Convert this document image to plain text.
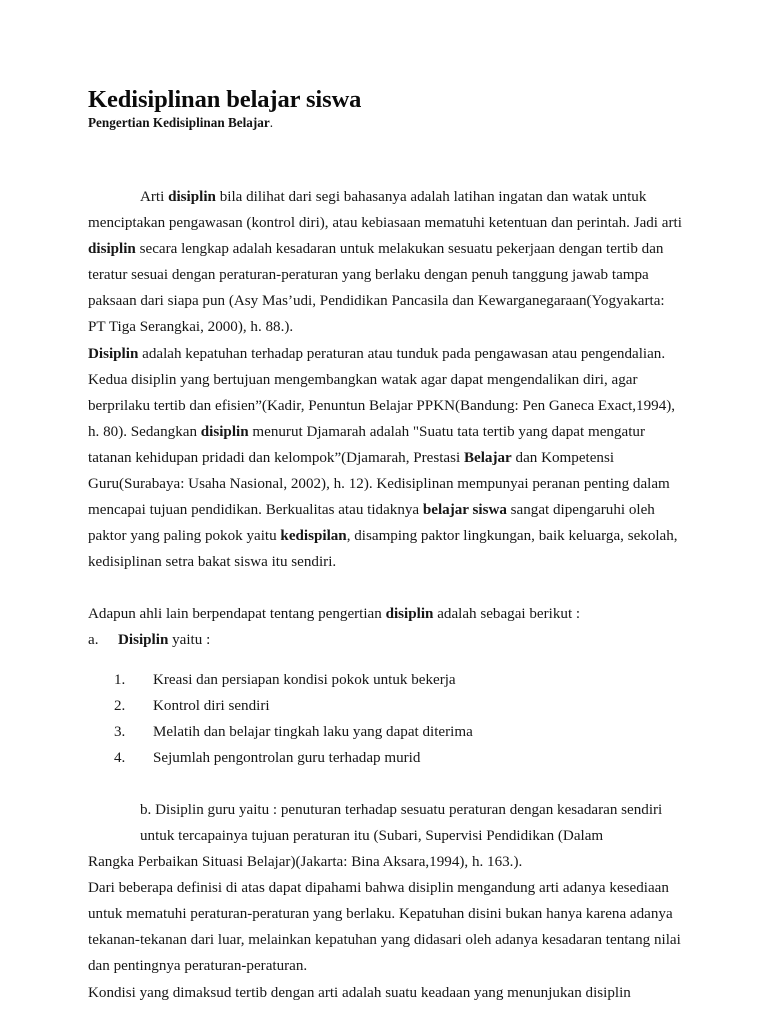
Kedisiplinan belajar siswa
Pengertian Kedisiplinan Belajar.

Arti disiplin bila dilihat dari segi bahasanya adalah latihan ingatan dan watak untuk menciptakan pengawasan (kontrol diri), atau kebiasaan mematuhi ketentuan dan perintah. Jadi arti disiplin secara lengkap adalah kesadaran untuk melakukan sesuatu pekerjaan dengan tertib dan teratur sesuai dengan peraturan-peraturan yang berlaku dengan penuh tanggung jawab tampa paksaan dari siapa pun (Asy Mas’udi, Pendidikan Pancasila dan Kewarganegaraan(Yogyakarta: PT Tiga Serangkai, 2000), h. 88.).

Disiplin adalah kepatuhan terhadap peraturan atau tunduk pada pengawasan atau pengendalian. Kedua disiplin yang bertujuan mengembangkan watak agar dapat mengendalikan diri, agar berprilaku tertib dan efisien”(Kadir, Penuntun Belajar PPKN(Bandung: Pen Ganeca Exact,1994), h. 80). Sedangkan disiplin menurut Djamarah adalah "Suatu tata tertib yang dapat mengatur tatanan kehidupan pridadi dan kelompok”(Djamarah, Prestasi Belajar dan Kompetensi Guru(Surabaya: Usaha Nasional, 2002), h. 12). Kedisiplinan mempunyai peranan penting dalam mencapai tujuan pendidikan. Berkualitas atau tidaknya belajar siswa sangat dipengaruhi oleh paktor yang paling pokok yaitu kedispilan, disamping paktor lingkungan, baik keluarga, sekolah, kedisiplinan setra bakat siswa itu sendiri.

Adapun ahli lain berpendapat tentang pengertian disiplin adalah sebagai berikut :

a.	Disiplin yaitu :
1.	Kreasi dan persiapan kondisi pokok untuk bekerja
2.	Kontrol diri sendiri
3.	Melatih dan belajar tingkah laku yang dapat diterima
4.	Sejumlah pengontrolan guru terhadap murid

b. Disiplin guru yaitu : penuturan terhadap sesuatu peraturan dengan kesadaran sendiri untuk tercapainya tujuan peraturan itu (Subari, Supervisi Pendidikan (Dalam

Rangka Perbaikan Situasi Belajar)(Jakarta: Bina Aksara,1994), h. 163.).

Dari beberapa definisi di atas dapat dipahami bahwa disiplin mengandung arti adanya kesediaan untuk mematuhi peraturan-peraturan yang berlaku. Kepatuhan disini bukan hanya karena adanya tekanan-tekanan dari luar, melainkan kepatuhan yang didasari oleh adanya kesadaran tentang nilai dan pentingnya peraturan-peraturan.

Kondisi yang dimaksud tertib dengan arti adalah suatu keadaan yang menunjukan disiplin
